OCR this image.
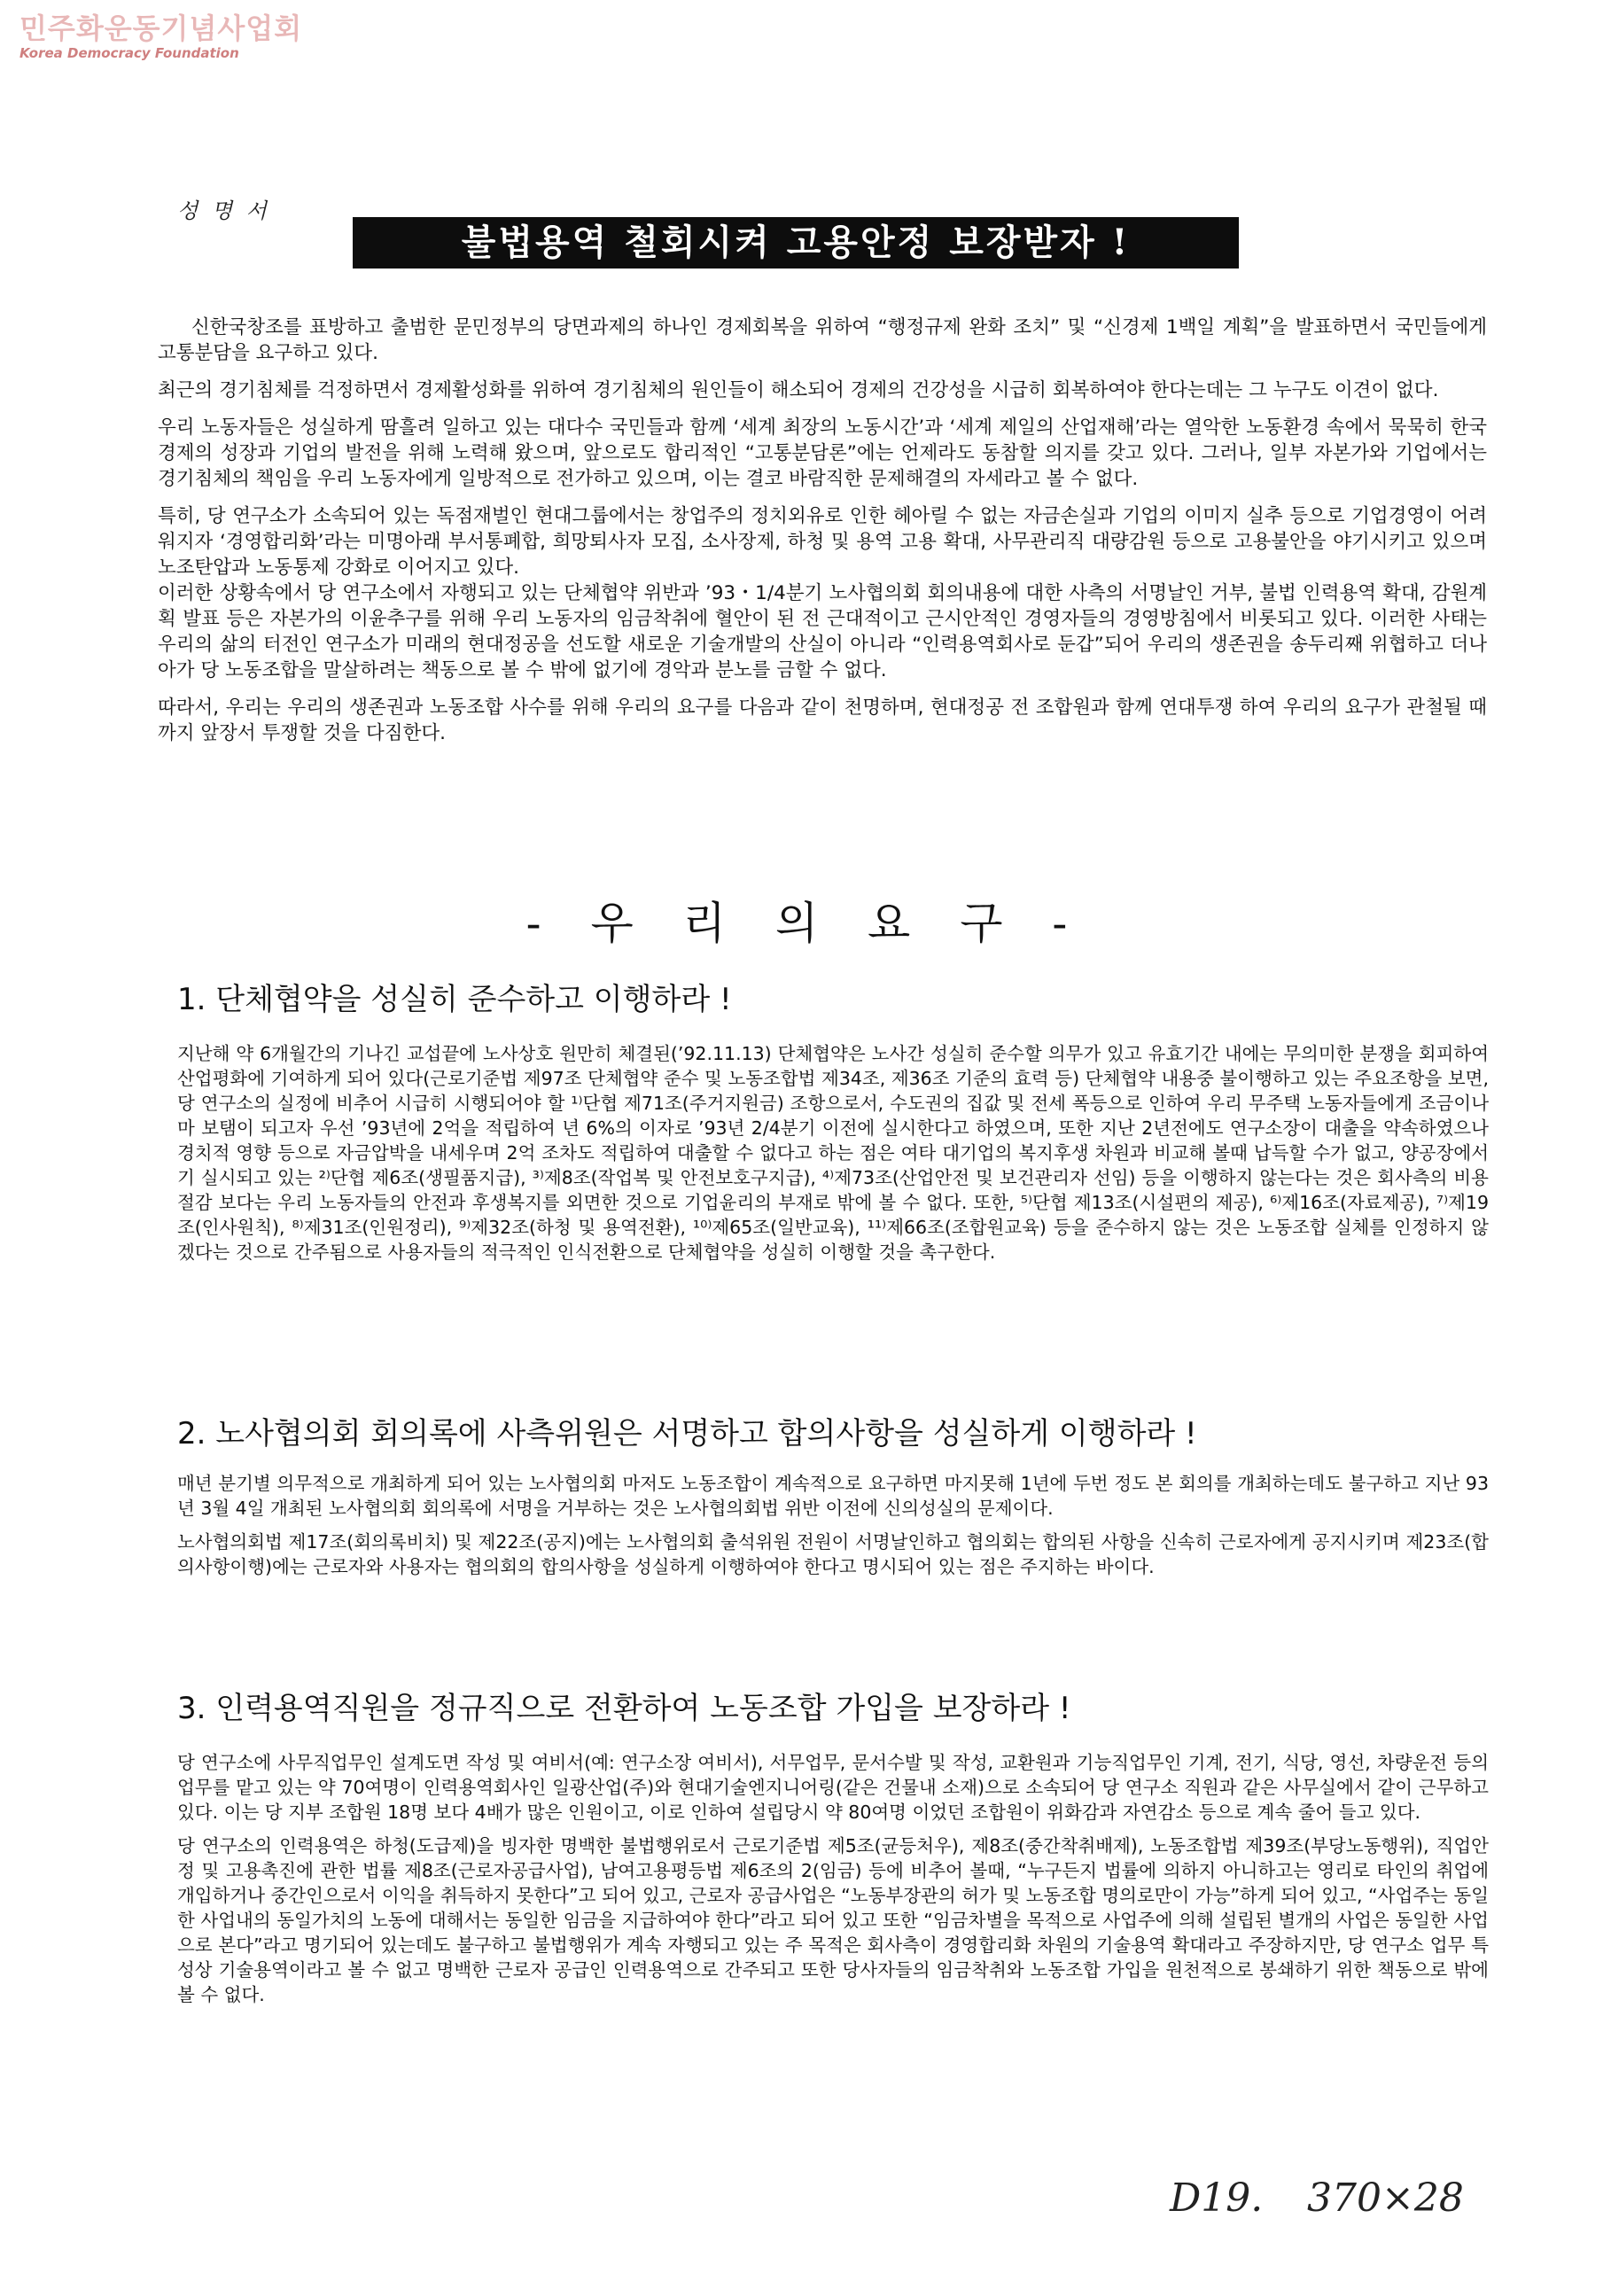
민주화운동기념사업회
Korea Democracy Foundation
성 명 서
불법용역 철회시켜 고용안정 보장받자 !

신한국창조를 표방하고 출범한 문민정부의 당면과제의 하나인 경제회복을 위하여 “행정규제 완화 조치” 및 “신경제 1백일 계획”을 발표하면서 국민들에게 고통분담을 요구하고 있다.

최근의 경기침체를 걱정하면서 경제활성화를 위하여 경기침체의 원인들이 해소되어 경제의 건강성을 시급히 회복하여야 한다는데는 그 누구도 이견이 없다.

우리 노동자들은 성실하게 땀흘려 일하고 있는 대다수 국민들과 함께 ‘세계 최장의 노동시간’과 ‘세계 제일의 산업재해’라는 열악한 노동환경 속에서 묵묵히 한국경제의 성장과 기업의 발전을 위해 노력해 왔으며, 앞으로도 합리적인 “고통분담론”에는 언제라도 동참할 의지를 갖고 있다. 그러나, 일부 자본가와 기업에서는 경기침체의 책임을 우리 노동자에게 일방적으로 전가하고 있으며, 이는 결코 바람직한 문제해결의 자세라고 볼 수 없다.

특히, 당 연구소가 소속되어 있는 독점재벌인 현대그룹에서는 창업주의 정치외유로 인한 헤아릴 수 없는 자금손실과 기업의 이미지 실추 등으로 기업경영이 어려워지자 ‘경영합리화’라는 미명아래 부서통폐합, 희망퇴사자 모집, 소사장제, 하청 및 용역 고용 확대, 사무관리직 대량감원 등으로 고용불안을 야기시키고 있으며 노조탄압과 노동통제 강화로 이어지고 있다.
이러한 상황속에서 당 연구소에서 자행되고 있는 단체협약 위반과 ’93・1/4분기 노사협의회 회의내용에 대한 사측의 서명날인 거부, 불법 인력용역 확대, 감원계획 발표 등은 자본가의 이윤추구를 위해 우리 노동자의 임금착취에 혈안이 된 전 근대적이고 근시안적인 경영자들의 경영방침에서 비롯되고 있다. 이러한 사태는 우리의 삶의 터전인 연구소가 미래의 현대정공을 선도할 새로운 기술개발의 산실이 아니라 “인력용역회사로 둔갑”되어 우리의 생존권을 송두리째 위협하고 더나아가 당 노동조합을 말살하려는 책동으로 볼 수 밖에 없기에 경악과 분노를 금할 수 없다.

따라서, 우리는 우리의 생존권과 노동조합 사수를 위해 우리의 요구를 다음과 같이 천명하며, 현대정공 전 조합원과 함께 연대투쟁 하여 우리의 요구가 관철될 때까지 앞장서 투쟁할 것을 다짐한다.

- 우 리 의 요 구 -
1. 단체협약을 성실히 준수하고 이행하라 !

지난해 약 6개월간의 기나긴 교섭끝에 노사상호 원만히 체결된(’92.11.13) 단체협약은 노사간 성실히 준수할 의무가 있고 유효기간 내에는 무의미한 분쟁을 회피하여 산업평화에 기여하게 되어 있다(근로기준법 제97조 단체협약 준수 및 노동조합법 제34조, 제36조 기준의 효력 등) 단체협약 내용중 불이행하고 있는 주요조항을 보면, 당 연구소의 실정에 비추어 시급히 시행되어야 할 ¹⁾단협 제71조(주거지원금) 조항으로서, 수도권의 집값 및 전세 폭등으로 인하여 우리 무주택 노동자들에게 조금이나마 보탬이 되고자 우선 ’93년에 2억을 적립하여 년 6%의 이자로 ’93년 2/4분기 이전에 실시한다고 하였으며, 또한 지난 2년전에도 연구소장이 대출을 약속하였으나 경치적 영향 등으로 자금압박을 내세우며 2억 조차도 적립하여 대출할 수 없다고 하는 점은 여타 대기업의 복지후생 차원과 비교해 볼때 납득할 수가 없고, 양공장에서 기 실시되고 있는 ²⁾단협 제6조(생필품지급), ³⁾제8조(작업복 및 안전보호구지급), ⁴⁾제73조(산업안전 및 보건관리자 선임) 등을 이행하지 않는다는 것은 회사측의 비용절감 보다는 우리 노동자들의 안전과 후생복지를 외면한 것으로 기업윤리의 부재로 밖에 볼 수 없다. 또한, ⁵⁾단협 제13조(시설편의 제공), ⁶⁾제16조(자료제공), ⁷⁾제19조(인사원칙), ⁸⁾제31조(인원정리), ⁹⁾제32조(하청 및 용역전환), ¹⁰⁾제65조(일반교육), ¹¹⁾제66조(조합원교육) 등을 준수하지 않는 것은 노동조합 실체를 인정하지 않겠다는 것으로 간주됨으로 사용자들의 적극적인 인식전환으로 단체협약을 성실히 이행할 것을 촉구한다.

2. 노사협의회 회의록에 사측위원은 서명하고 합의사항을 성실하게 이행하라 !

매년 분기별 의무적으로 개최하게 되어 있는 노사협의회 마저도 노동조합이 계속적으로 요구하면 마지못해 1년에 두번 정도 본 회의를 개최하는데도 불구하고 지난 93년 3월 4일 개최된 노사협의회 회의록에 서명을 거부하는 것은 노사협의회법 위반 이전에 신의성실의 문제이다.

노사협의회법 제17조(회의록비치) 및 제22조(공지)에는 노사협의회 출석위원 전원이 서명날인하고 협의회는 합의된 사항을 신속히 근로자에게 공지시키며 제23조(합의사항이행)에는 근로자와 사용자는 협의회의 합의사항을 성실하게 이행하여야 한다고 명시되어 있는 점은 주지하는 바이다.

3. 인력용역직원을 정규직으로 전환하여 노동조합 가입을 보장하라 !

당 연구소에 사무직업무인 설계도면 작성 및 여비서(예: 연구소장 여비서), 서무업무, 문서수발 및 작성, 교환원과 기능직업무인 기계, 전기, 식당, 영선, 차량운전 등의 업무를 맡고 있는 약 70여명이 인력용역회사인 일광산업(주)와 현대기술엔지니어링(같은 건물내 소재)으로 소속되어 당 연구소 직원과 같은 사무실에서 같이 근무하고 있다. 이는 당 지부 조합원 18명 보다 4배가 많은 인원이고, 이로 인하여 설립당시 약 80여명 이었던 조합원이 위화감과 자연감소 등으로 계속 줄어 들고 있다.

당 연구소의 인력용역은 하청(도급제)을 빙자한 명백한 불법행위로서 근로기준법 제5조(균등처우), 제8조(중간착취배제), 노동조합법 제39조(부당노동행위), 직업안정 및 고용촉진에 관한 법률 제8조(근로자공급사업), 남여고용평등법 제6조의 2(임금) 등에 비추어 볼때, “누구든지 법률에 의하지 아니하고는 영리로 타인의 취업에 개입하거나 중간인으로서 이익을 취득하지 못한다”고 되어 있고, 근로자 공급사업은 “노동부장관의 허가 및 노동조합 명의로만이 가능”하게 되어 있고, “사업주는 동일한 사업내의 동일가치의 노동에 대해서는 동일한 임금을 지급하여야 한다”라고 되어 있고 또한 “임금차별을 목적으로 사업주에 의해 설립된 별개의 사업은 동일한 사업으로 본다”라고 명기되어 있는데도 불구하고 불법행위가 계속 자행되고 있는 주 목적은 회사측이 경영합리화 차원의 기술용역 확대라고 주장하지만, 당 연구소 업무 특성상 기술용역이라고 볼 수 없고 명백한 근로자 공급인 인력용역으로 간주되고 또한 당사자들의 임금착취와 노동조합 가입을 원천적으로 봉쇄하기 위한 책동으로 밖에 볼 수 없다.

D19. 370×28
